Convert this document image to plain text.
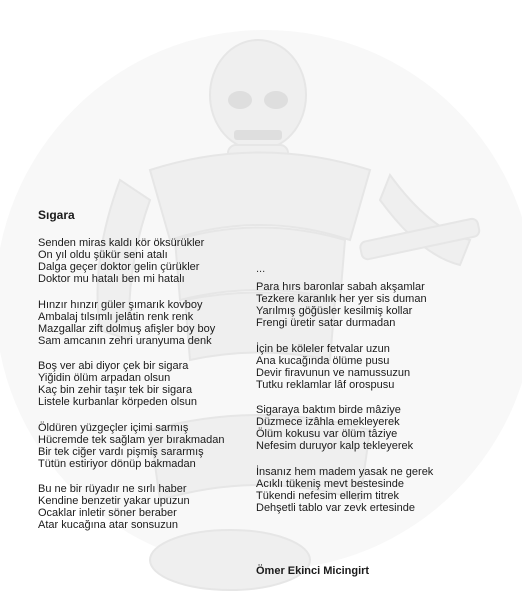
Sıgara
Senden miras kaldı kör öksürükler
On yıl oldu şükür seni atalı
Dalga geçer doktor gelin çürükler
Doktor mu hatalı ben mi hatalı
Hınzır hınzır güler şımarık kovboy
Ambalaj tılsımlı jelâtin renk renk
Mazgallar zift dolmuş afişler boy boy
Sam amcanın zehri uranyuma denk
Boş ver abi diyor çek bir sigara
Yiğidin ölüm arpadan olsun
Kaç bin zehir taşır tek bir sigara
Listele kurbanlar körpeden olsun
Öldüren yüzgeçler içimi sarmış
Hücremde tek sağlam yer bırakmadan
Bir tek ciğer vardı pişmiş sararmış
Tütün estiriyor dönüp bakmadan
Bu ne bir rüyadır ne sırlı haber
Kendine benzetir yakar upuzun
Ocaklar inletir söner beraber
Atar kucağına atar sonsuzun
...
Para hırs baronlar sabah akşamlar
Tezkere karanlık her yer sis duman
Yarılmış göğüsler kesilmiş kollar
Frengi üretir satar durmadan
İçin be köleler fetvalar uzun
Ana kucağında ölüme pusu
Devir firavunun ve namussuzun
Tutku reklamlar lâf orospusu
Sigaraya baktım birde mâziye
Düzmece izâhla emekleyerek
Ölüm kokusu var ölüm tâziye
Nefesim duruyor kalp tekleyerek
İnsanız hem madem yasak ne gerek
Acıklı tükeniş mevt bestesinde
Tükendi nefesim ellerim titrek
Dehşetli tablo var zevk ertesinde
Ömer Ekinci Micingirt
